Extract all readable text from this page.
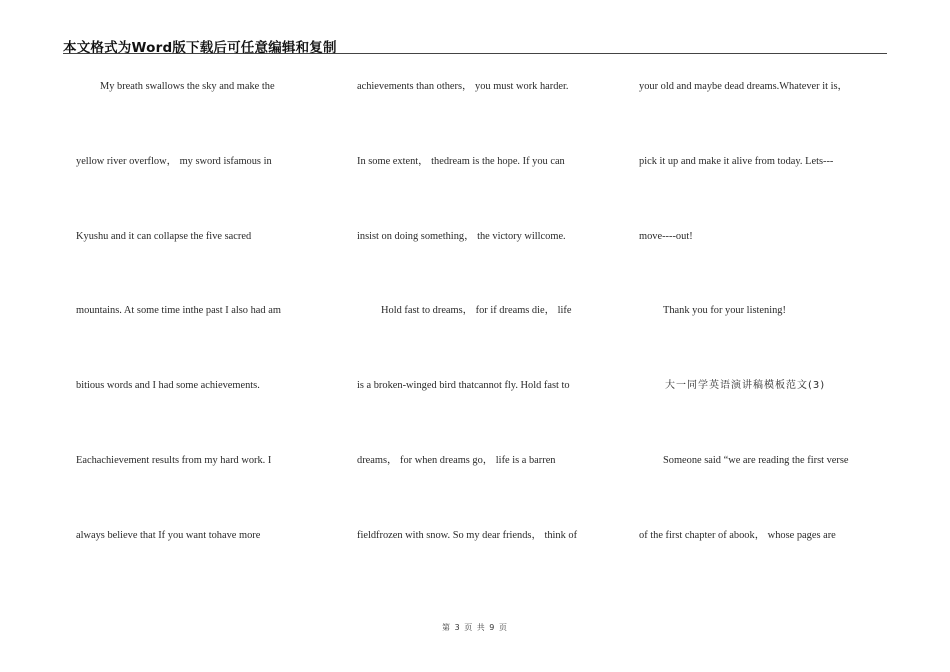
本文格式为Word版下载后可任意编辑和复制
My breath swallows the sky and make the
yellow river overflow， my sword isfamous in
Kyushu and it can collapse the five sacred
mountains. At some time inthe past I also had am
bitious words and I had some achievements.
Eachachievement results from my hard work. I
always believe that If you want tohave more
achievements than others， you must work harder.
In some extent， thedream is the hope. If you can
insist on doing something， the victory willcome.
Hold fast to dreams， for if dreams die， life
is a broken-winged bird thatcannot fly. Hold fast to
dreams， for when dreams go， life is a barren
fieldfrozen with snow. So my dear friends， think of
your old and maybe dead dreams.Whatever it is，
pick it up and make it alive from today. Lets---
move----out!
Thank you for your listening!
大一同学英语演讲稿模板范文(3)
Someone said “we are reading the first verse
of the first chapter of abook， whose pages are
第 3 页 共 9 页
